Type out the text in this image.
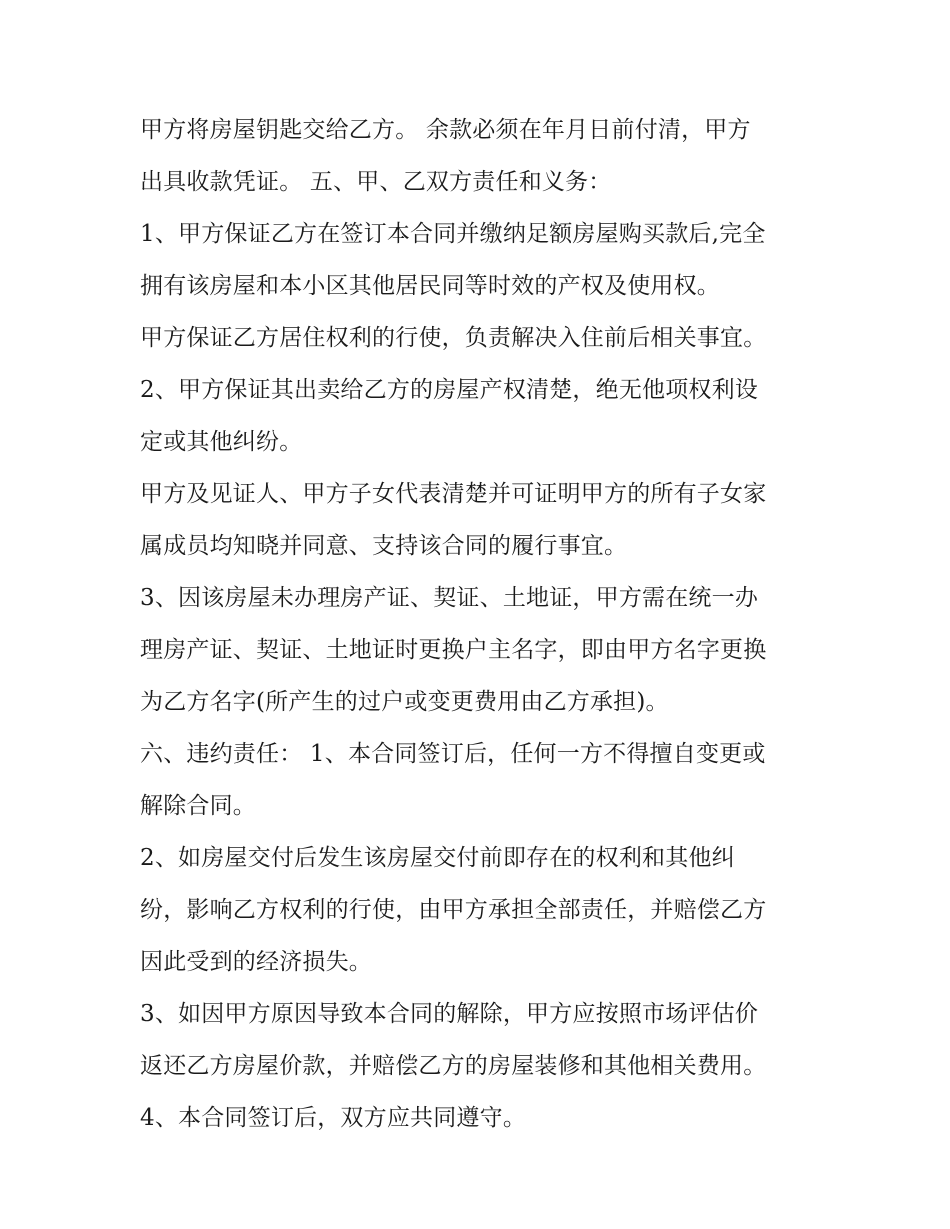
甲方将房屋钥匙交给乙方。 余款必须在年月日前付清，甲方
出具收款凭证。 五、甲、乙双方责任和义务：
1、甲方保证乙方在签订本合同并缴纳足额房屋购买款后,完全
拥有该房屋和本小区其他居民同等时效的产权及使用权。
甲方保证乙方居住权利的行使，负责解决入住前后相关事宜。
2、甲方保证其出卖给乙方的房屋产权清楚，绝无他项权利设
定或其他纠纷。
甲方及见证人、甲方子女代表清楚并可证明甲方的所有子女家
属成员均知晓并同意、支持该合同的履行事宜。
3、因该房屋未办理房产证、契证、土地证，甲方需在统一办
理房产证、契证、土地证时更换户主名字，即由甲方名字更换
为乙方名字(所产生的过户或变更费用由乙方承担)。
六、违约责任： 1、本合同签订后，任何一方不得擅自变更或
解除合同。
2、如房屋交付后发生该房屋交付前即存在的权利和其他纠
纷，影响乙方权利的行使，由甲方承担全部责任，并赔偿乙方
因此受到的经济损失。
3、如因甲方原因导致本合同的解除，甲方应按照市场评估价
返还乙方房屋价款，并赔偿乙方的房屋装修和其他相关费用。
4、本合同签订后，双方应共同遵守。
